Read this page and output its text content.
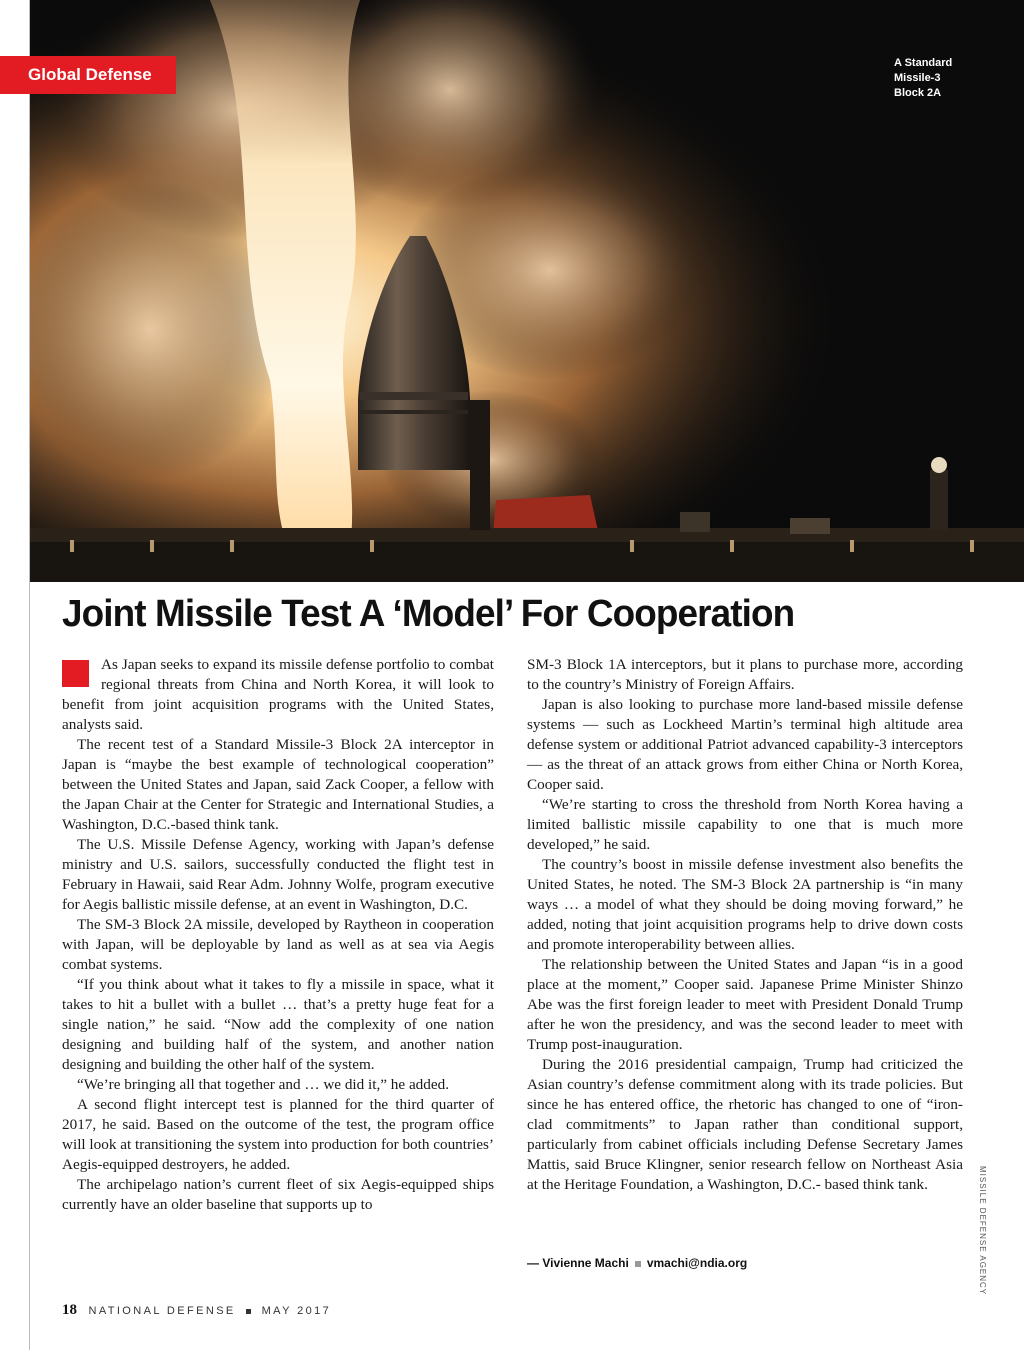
Global Defense
A Standard
Missile-3
Block 2A
Joint Missile Test A ‘Model’ For Cooperation

As Japan seeks to expand its missile defense portfolio to combat regional threats from China and North Korea, it will look to benefit from joint acquisition programs with the United States, analysts said.

The recent test of a Standard Missile-3 Block 2A interceptor in Japan is “maybe the best example of technological cooperation” between the United States and Japan, said Zack Cooper, a fellow with the Japan Chair at the Center for Strategic and International Studies, a Washington, D.C.-based think tank.

The U.S. Missile Defense Agency, working with Japan’s defense ministry and U.S. sailors, successfully conducted the flight test in February in Hawaii, said Rear Adm. Johnny Wolfe, program executive for Aegis ballistic missile defense, at an event in Washington, D.C.

The SM-3 Block 2A missile, developed by Raytheon in cooperation with Japan, will be deployable by land as well as at sea via Aegis combat systems.

“If you think about what it takes to fly a missile in space, what it takes to hit a bullet with a bullet … that’s a pretty huge feat for a single nation,” he said. “Now add the complexity of one nation designing and building half of the system, and another nation designing and building the other half of the system.

“We’re bringing all that together and … we did it,” he added.

A second flight intercept test is planned for the third quarter of 2017, he said. Based on the outcome of the test, the program office will look at transitioning the system into production for both countries’ Aegis-equipped destroyers, he added.

The archipelago nation’s current fleet of six Aegis-equipped ships currently have an older baseline that supports up to

SM-3 Block 1A interceptors, but it plans to purchase more, according to the country’s Ministry of Foreign Affairs.

Japan is also looking to purchase more land-based missile defense systems — such as Lockheed Martin’s terminal high altitude area defense system or additional Patriot advanced capability-3 interceptors — as the threat of an attack grows from either China or North Korea, Cooper said.

“We’re starting to cross the threshold from North Korea having a limited ballistic missile capability to one that is much more developed,” he said.

The country’s boost in missile defense investment also benefits the United States, he noted. The SM-3 Block 2A partnership is “in many ways … a model of what they should be doing moving forward,” he added, noting that joint acquisition programs help to drive down costs and promote interoperability between allies.

The relationship between the United States and Japan “is in a good place at the moment,” Cooper said. Japanese Prime Minister Shinzo Abe was the first foreign leader to meet with President Donald Trump after he won the presidency, and was the second leader to meet with Trump post-inauguration.

During the 2016 presidential campaign, Trump had criticized the Asian country’s defense commitment along with its trade policies. But since he has entered office, the rhetoric has changed to one of “iron-clad commitments” to Japan rather than conditional support, particularly from cabinet officials including Defense Secretary James Mattis, said Bruce Klingner, senior research fellow on Northeast Asia at the Heritage Foundation, a Washington, D.C.- based think tank.

— Vivienne Machi vmachi@ndia.org	MISSILE DEFENSE AGENCY
18 NATIONAL DEFENSE MAY 2017
